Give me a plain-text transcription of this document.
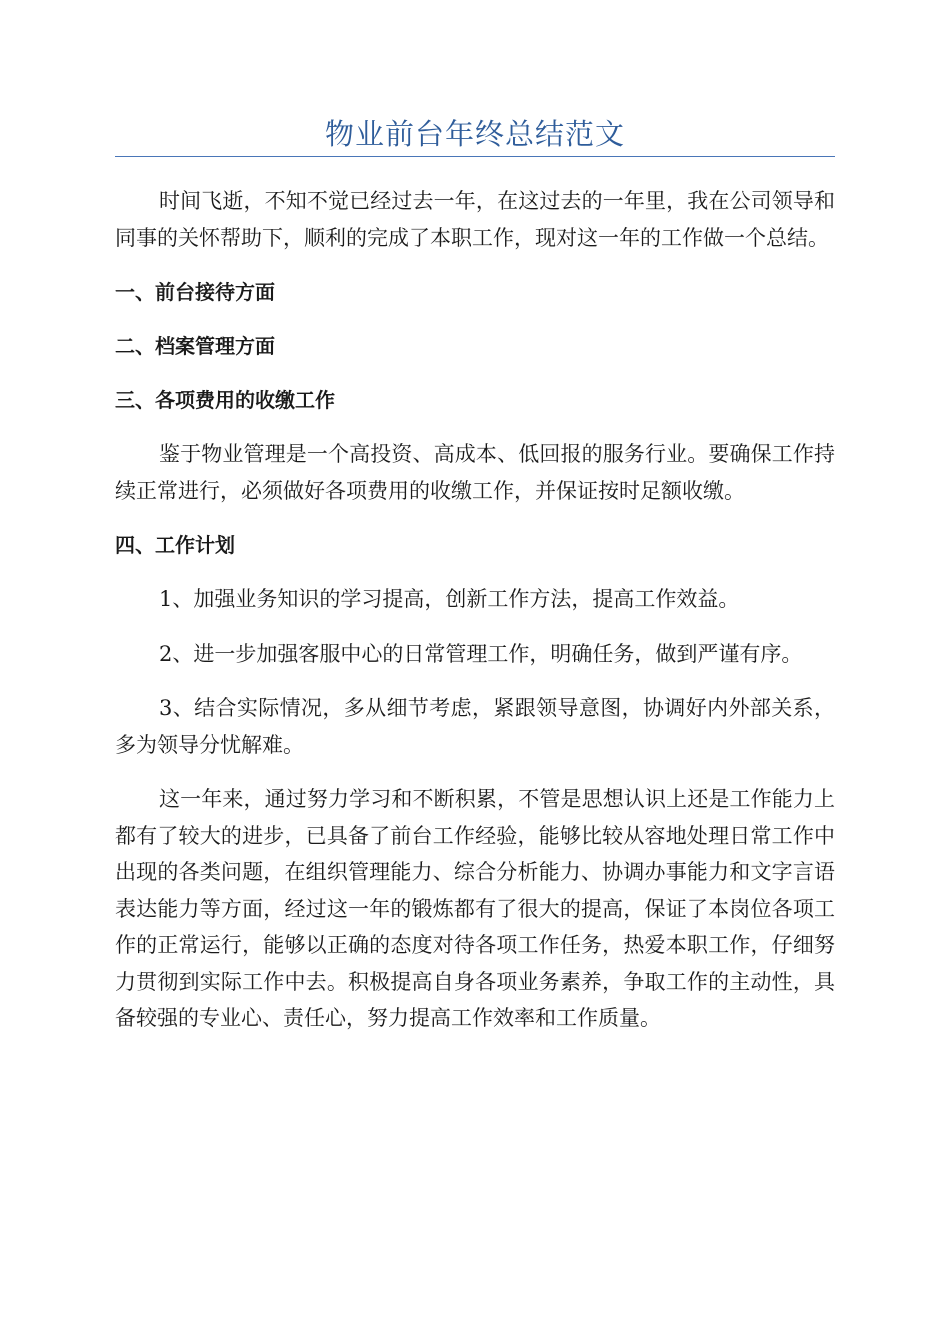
物业前台年终总结范文

时间飞逝，不知不觉已经过去一年，在这过去的一年里，我在公司领导和同事的关怀帮助下，顺利的完成了本职工作，现对这一年的工作做一个总结。

一、前台接待方面

二、档案管理方面

三、各项费用的收缴工作

鉴于物业管理是一个高投资、高成本、低回报的服务行业。要确保工作持续正常进行，必须做好各项费用的收缴工作，并保证按时足额收缴。

四、工作计划

1、加强业务知识的学习提高，创新工作方法，提高工作效益。

2、进一步加强客服中心的日常管理工作，明确任务，做到严谨有序。

3、结合实际情况，多从细节考虑，紧跟领导意图，协调好内外部关系，多为领导分忧解难。

这一年来，通过努力学习和不断积累，不管是思想认识上还是工作能力上都有了较大的进步，已具备了前台工作经验，能够比较从容地处理日常工作中出现的各类问题，在组织管理能力、综合分析能力、协调办事能力和文字言语表达能力等方面，经过这一年的锻炼都有了很大的提高，保证了本岗位各项工作的正常运行，能够以正确的态度对待各项工作任务，热爱本职工作，仔细努力贯彻到实际工作中去。积极提高自身各项业务素养，争取工作的主动性，具备较强的专业心、责任心，努力提高工作效率和工作质量。
